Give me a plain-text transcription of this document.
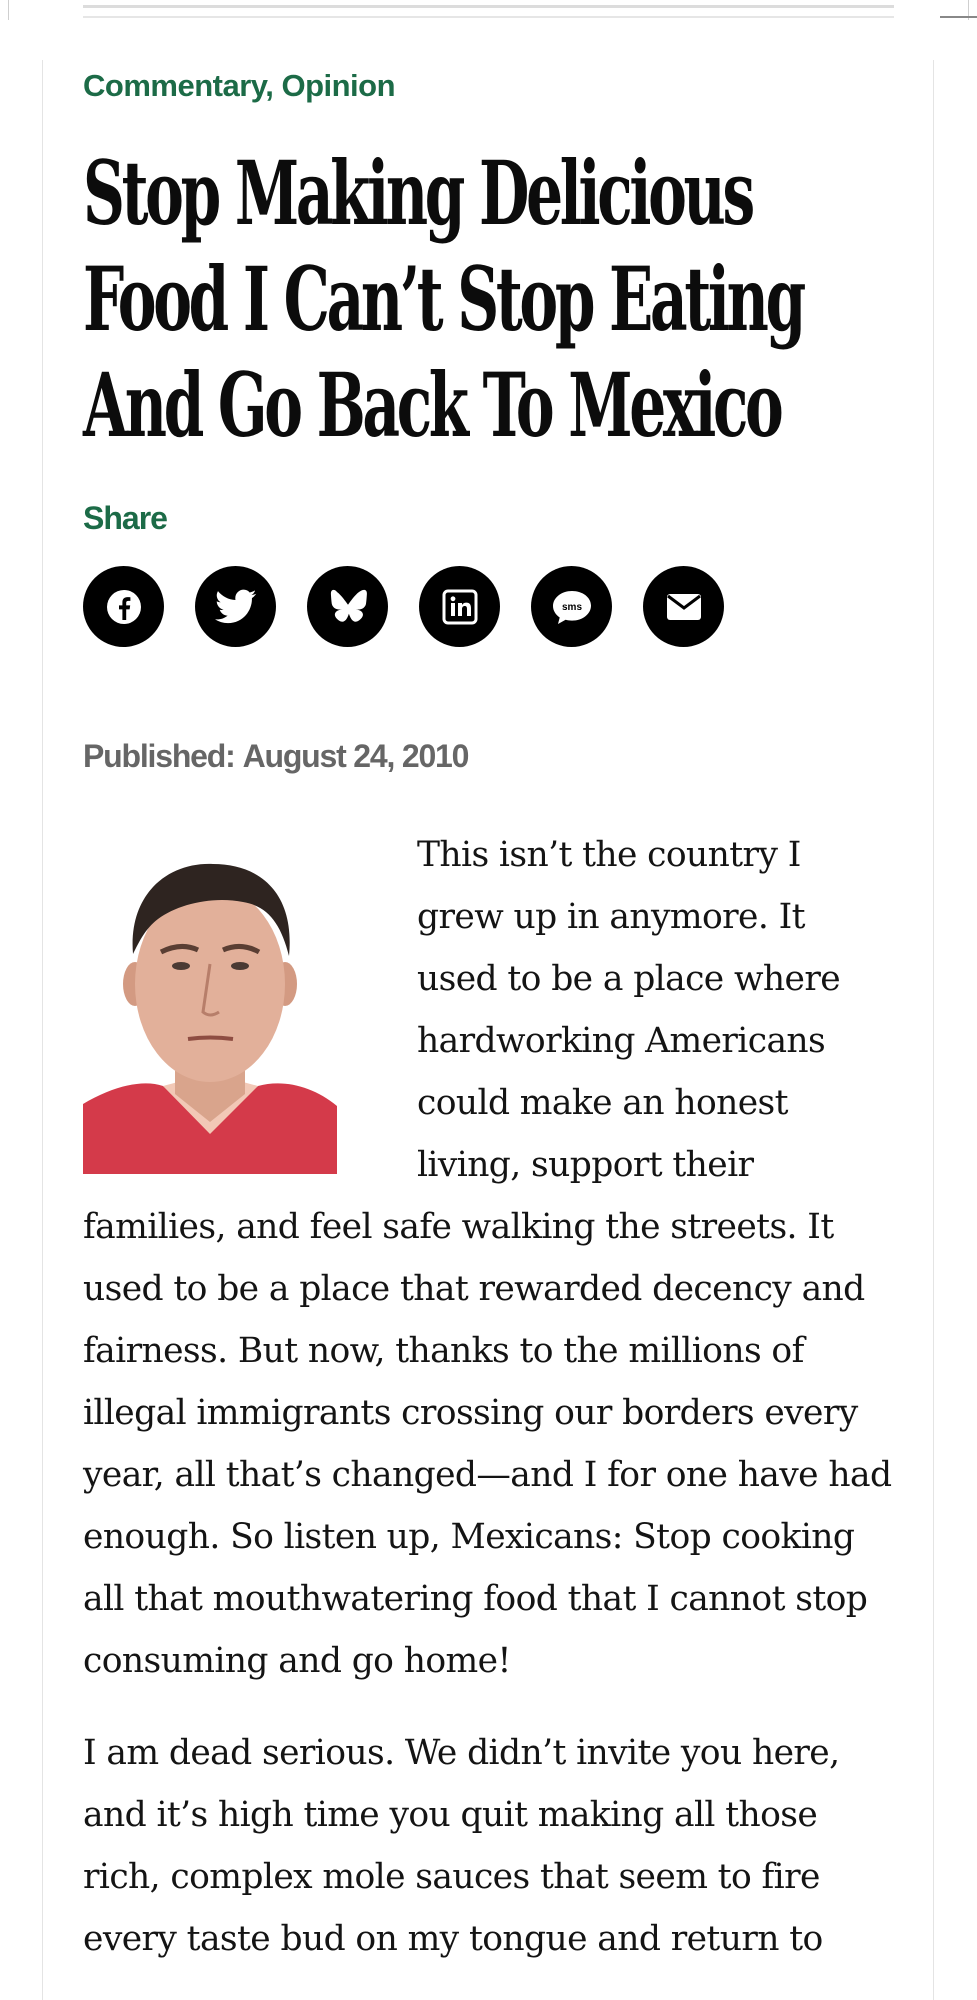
Commentary, Opinion
Stop Making Delicious Food I Can’t Stop Eating And Go Back To Mexico
Share
sms
Published: August 24, 2010

This isn’t the country I grew up in anymore. It used to be a place where hardworking Americans could make an honest living, support their families, and feel safe walking the streets. It used to be a place that rewarded decency and fairness. But now, thanks to the millions of illegal immigrants crossing our borders every year, all that’s changed—and I for one have had enough. So listen up, Mexicans: Stop cooking all that mouthwatering food that I cannot stop consuming and go home!

I am dead serious. We didn’t invite you here, and it’s high time you quit making all those rich, complex mole sauces that seem to fire every taste bud on my tongue and return to
